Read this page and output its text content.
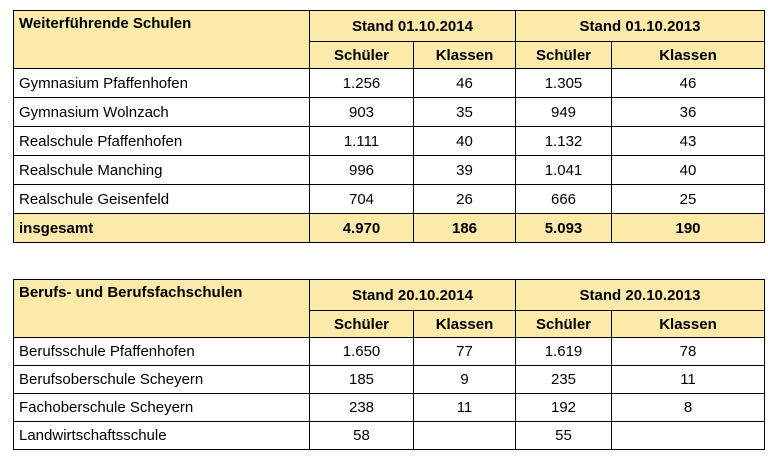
Weiterführende Schulen	Stand 01.10.2014		Stand 01.10.2013	
	Schüler	Klassen	Schüler	Klassen
Gymnasium Pfaffenhofen	1.256	46	1.305	46
Gymnasium Wolnzach	903	35	949	36
Realschule Pfaffenhofen	1.111	40	1.132	43
Realschule Manching	996	39	1.041	40
Realschule Geisenfeld	704	26	666	25
insgesamt	4.970	186	5.093	190
Berufs- und Berufsfachschulen	Stand 20.10.2014		Stand 20.10.2013	
	Schüler	Klassen	Schüler	Klassen
Berufsschule Pfaffenhofen	1.650	77	1.619	78
Berufsoberschule Scheyern	185	9	235	11
Fachoberschule Scheyern	238	11	192	8
Landwirtschaftsschule	58		55	
